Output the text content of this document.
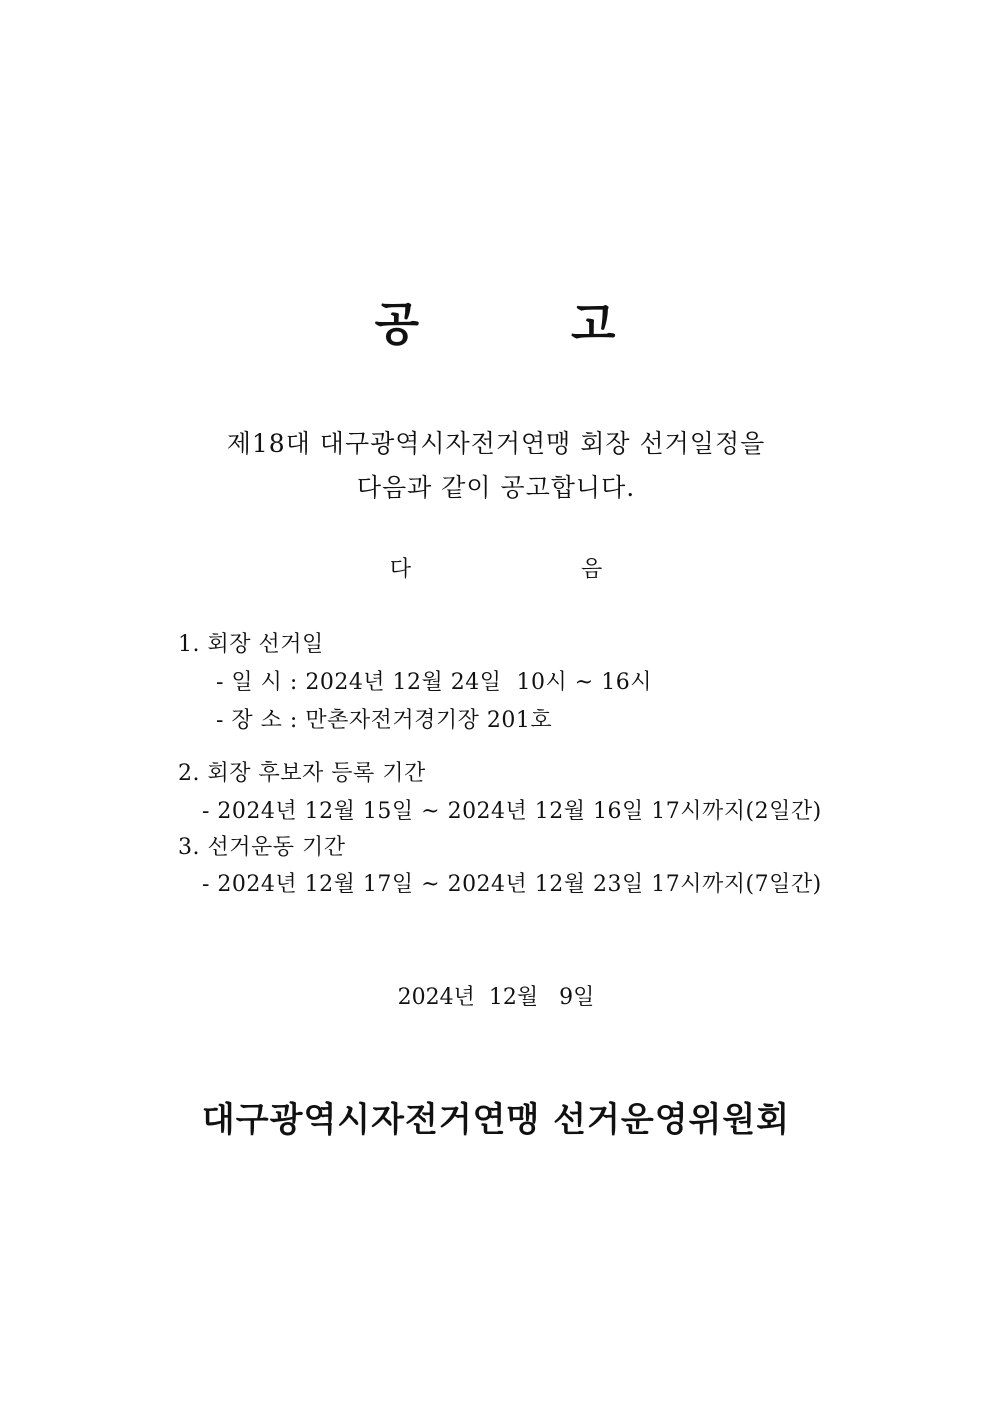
공	고
제18대 대구광역시자전거연맹 회장 선거일정을
다음과 같이 공고합니다.
다	음
1. 회장 선거일
- 일 시 : 2024년 12월 24일  10시 ~ 16시
- 장 소 : 만촌자전거경기장 201호
2. 회장 후보자 등록 기간
- 2024년 12월 15일 ~ 2024년 12월 16일 17시까지(2일간)
3. 선거운동 기간
- 2024년 12월 17일 ~ 2024년 12월 23일 17시까지(7일간)
2024년  12월   9일
대구광역시자전거연맹 선거운영위원회
